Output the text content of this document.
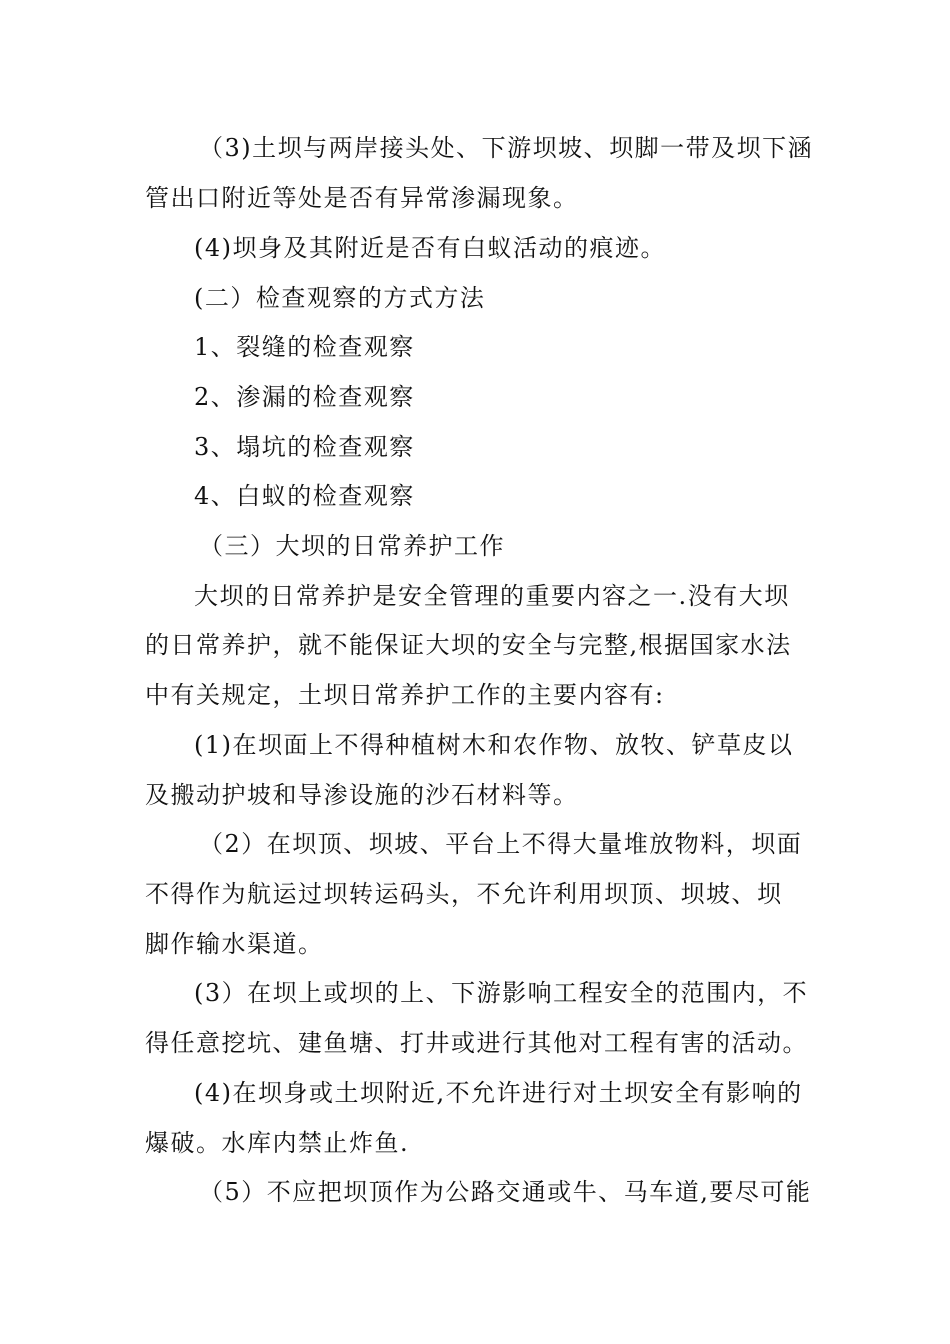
（3)土坝与两岸接头处、下游坝坡、坝脚一带及坝下涵
管出口附近等处是否有异常渗漏现象。
(4)坝身及其附近是否有白蚁活动的痕迹。
(二）检查观察的方式方法
1、裂缝的检查观察
2、渗漏的检查观察
3、塌坑的检查观察
4、白蚁的检查观察
（三）大坝的日常养护工作
大坝的日常养护是安全管理的重要内容之一.没有大坝
的日常养护，就不能保证大坝的安全与完整,根据国家水法
中有关规定，土坝日常养护工作的主要内容有:
(1)在坝面上不得种植树木和农作物、放牧、铲草皮以
及搬动护坡和导渗设施的沙石材料等。
（2）在坝顶、坝坡、平台上不得大量堆放物料，坝面
不得作为航运过坝转运码头，不允许利用坝顶、坝坡、坝
脚作输水渠道。
(3）在坝上或坝的上、下游影响工程安全的范围内，不
得任意挖坑、建鱼塘、打井或进行其他对工程有害的活动。
(4)在坝身或土坝附近,不允许进行对土坝安全有影响的
爆破。水库内禁止炸鱼.
（5）不应把坝顶作为公路交通或牛、马车道,要尽可能
